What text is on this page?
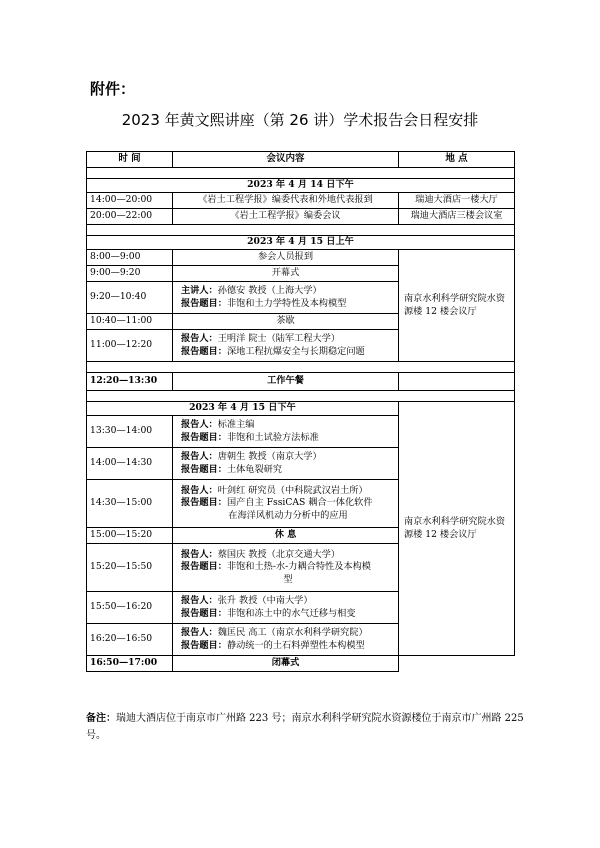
附件：
2023 年黄文熙讲座（第 26 讲）学术报告会日程安排
时 间	会议内容	地 点

2023 年 4 月 14 日下午		
14:00—20:00	《岩土工程学报》编委代表和外地代表报到	瑞迪大酒店一楼大厅
20:00—22:00	《岩土工程学报》编委会议	瑞迪大酒店三楼会议室

2023 年 4 月 15 日上午		
8:00—9:00	参会人员报到	南京水利科学研究院水资源楼 12 楼会议厅
9:00—9:20	开幕式	
9:20—10:40	主讲人：孙德安 教授（上海大学）
报告题目：非饱和土力学特性及本构模型	

10:40—11:00	茶歇	
11:00—12:20	报告人：王明洋 院士（陆军工程大学）
报告题目：深地工程抗爆安全与长期稳定问题	

12:20—13:30	工作午餐	

2023 年 4 月 15 日下午		南京水利科学研究院水资源楼 12 楼会议厅
13:30—14:00	报告人：标准主编
报告题目：非饱和土试验方法标准	

14:00—14:30	报告人：唐朝生 教授（南京大学）
报告题目：土体龟裂研究	

14:30—15:00	报告人：叶剑红 研究员（中科院武汉岩土所）
报告题目：国产自主 FssiCAS 耦合一体化软件
在海洋风机动力分析中的应用	

15:00—15:20	休 息	
15:20—15:50	报告人：蔡国庆 教授（北京交通大学）
报告题目：非饱和土热-水-力耦合特性及本构模
型	

15:50—16:20	报告人：张升 教授（中南大学）
报告题目：非饱和冻土中的水气迁移与相变	

16:20—16:50	报告人：魏匡民 高工（南京水利科学研究院）
报告题目：静动统一的土石料弹塑性本构模型	

16:50—17:00	闭幕式	
备注：瑞迪大酒店位于南京市广州路 223 号；南京水利科学研究院水资源楼位于南京市广州路 225 号。
